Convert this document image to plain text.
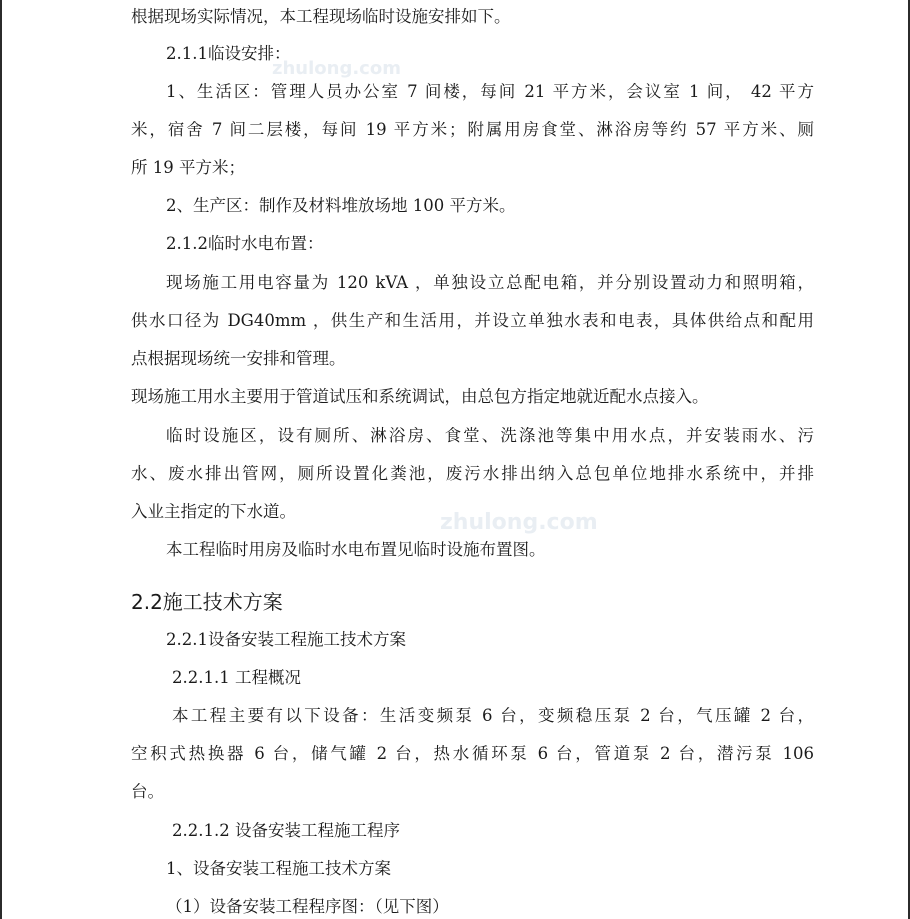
zhulong.com
zhulong.com
根据现场实际情况，本工程现场临时设施安排如下。
2.1.1临设安排：
1、生活区：管理人员办公室 7 间楼，每间 21 平方米，会议室 1 间， 42 平方
米，宿舍 7 间二层楼，每间 19 平方米；附属用房食堂、淋浴房等约 57 平方米、厕
所 19 平方米；
2、生产区：制作及材料堆放场地 100 平方米。
2.1.2临时水电布置：
现场施工用电容量为 120 kVA ，单独设立总配电箱，并分别设置动力和照明箱，
供水口径为 DG40mm ，供生产和生活用，并设立单独水表和电表，具体供给点和配用
点根据现场统一安排和管理。
现场施工用水主要用于管道试压和系统调试，由总包方指定地就近配水点接入。
临时设施区，设有厕所、淋浴房、食堂、洗涤池等集中用水点，并安装雨水、污
水、废水排出管网，厕所设置化粪池，废污水排出纳入总包单位地排水系统中，并排
入业主指定的下水道。
本工程临时用房及临时水电布置见临时设施布置图。
2.2施工技术方案
2.2.1设备安装工程施工技术方案
2.2.1.1 工程概况
本工程主要有以下设备：生活变频泵 6 台，变频稳压泵 2 台，气压罐 2 台，
空积式热换器 6 台，储气罐 2 台，热水循环泵 6 台，管道泵 2 台，潜污泵 106
台。
2.2.1.2 设备安装工程施工程序
1、设备安装工程施工技术方案
（1）设备安装工程程序图：（见下图）
